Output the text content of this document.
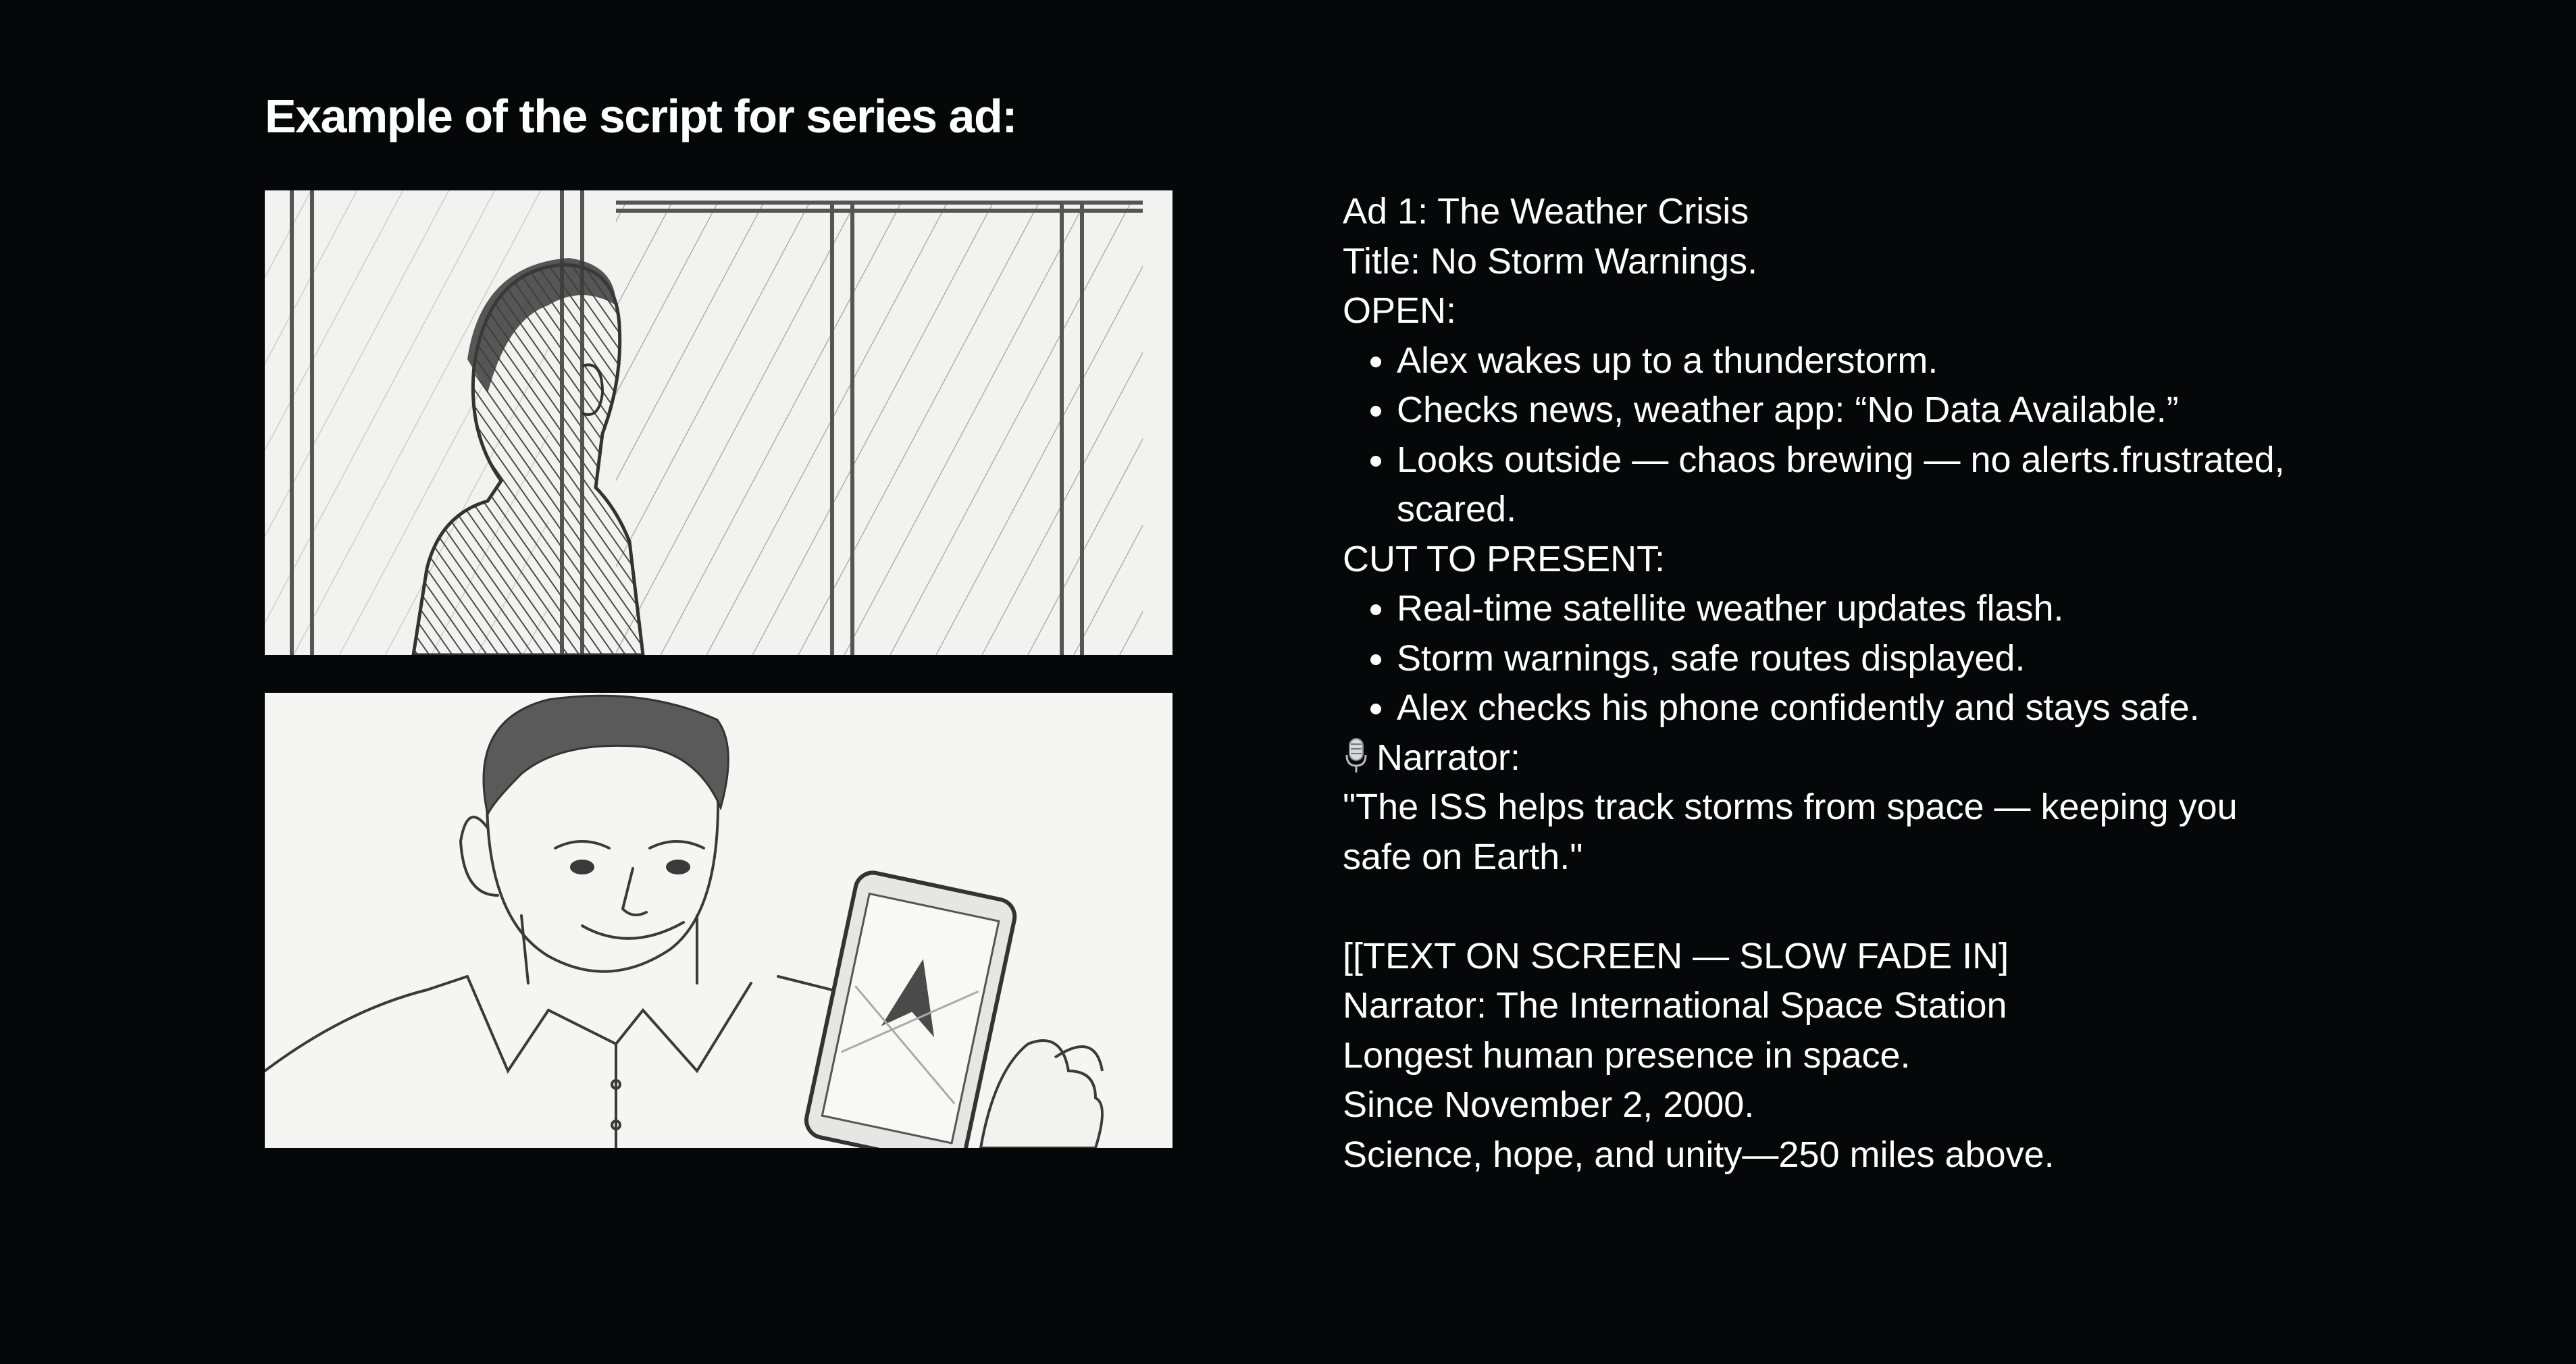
Example of the script for series ad:
Ad 1: The Weather Crisis
Title: No Storm Warnings.
OPEN:
• Alex wakes up to a thunderstorm.
• Checks news, weather app: “No Data Available.”
• Looks outside — chaos brewing — no alerts.frustrated, scared.
CUT TO PRESENT:
• Real-time satellite weather updates flash.
• Storm warnings, safe routes displayed.
• Alex checks his phone confidently and stays safe.
Narrator:
"The ISS helps track storms from space — keeping you
safe on Earth."
[[TEXT ON SCREEN — SLOW FADE IN]
Narrator: The International Space Station
Longest human presence in space.
Since November 2, 2000.
Science, hope, and unity—250 miles above.
